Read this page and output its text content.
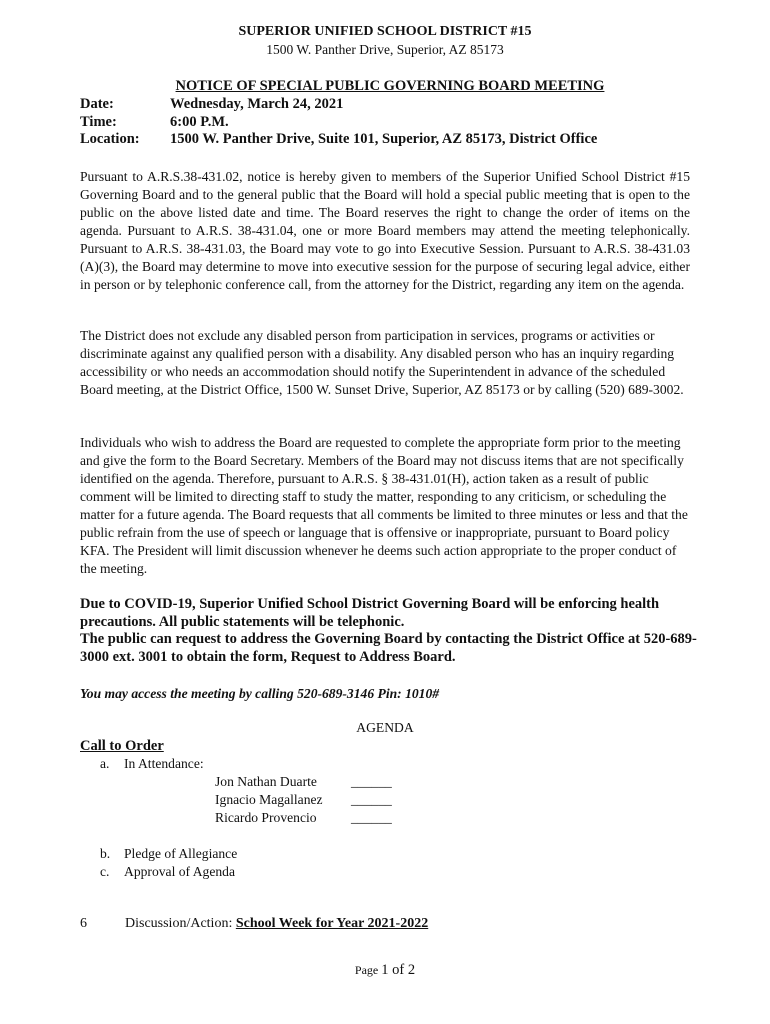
SUPERIOR UNIFIED SCHOOL DISTRICT #15
1500 W. Panther Drive, Superior, AZ 85173
NOTICE OF SPECIAL PUBLIC GOVERNING BOARD MEETING
Date:	Wednesday, March 24, 2021
Time:	6:00 P.M.
Location: 1500 W. Panther Drive, Suite 101, Superior, AZ 85173, District Office

Pursuant to A.R.S.38-431.02, notice is hereby given to members of the Superior Unified School District #15 Governing Board and to the general public that the Board will hold a special public meeting that is open to the public on the above listed date and time. The Board reserves the right to change the order of items on the agenda. Pursuant to A.R.S. 38-431.04, one or more Board members may attend the meeting telephonically. Pursuant to A.R.S. 38-431.03, the Board may vote to go into Executive Session. Pursuant to A.R.S. 38-431.03 (A)(3), the Board may determine to move into executive session for the purpose of securing legal advice, either in person or by telephonic conference call, from the attorney for the District, regarding any item on the agenda.

The District does not exclude any disabled person from participation in services, programs or activities or discriminate against any qualified person with a disability. Any disabled person who has an inquiry regarding accessibility or who needs an accommodation should notify the Superintendent in advance of the scheduled Board meeting, at the District Office, 1500 W. Sunset Drive, Superior, AZ 85173 or by calling (520) 689-3002.

Individuals who wish to address the Board are requested to complete the appropriate form prior to the meeting and give the form to the Board Secretary. Members of the Board may not discuss items that are not specifically identified on the agenda. Therefore, pursuant to A.R.S. § 38-431.01(H), action taken as a result of public comment will be limited to directing staff to study the matter, responding to any criticism, or scheduling the matter for a future agenda. The Board requests that all comments be limited to three minutes or less and that the public refrain from the use of speech or language that is offensive or inappropriate, pursuant to Board policy KFA. The President will limit discussion whenever he deems such action appropriate to the proper conduct of the meeting.

Due to COVID-19, Superior Unified School District Governing Board will be enforcing health precautions. All public statements will be telephonic.
The public can request to address the Governing Board by contacting the District Office at 520-689-3000 ext. 3001 to obtain the form, Request to Address Board.
You may access the meeting by calling 520-689-3146 Pin: 1010#
AGENDA
Call to Order
a. In Attendance:
Jon Nathan Duarte	______
Ignacio Magallanez ______
Ricardo Provencio	______
b. Pledge of Allegiance
c. Approval of Agenda
6	Discussion/Action: School Week for Year 2021-2022
Page 1 of 2
